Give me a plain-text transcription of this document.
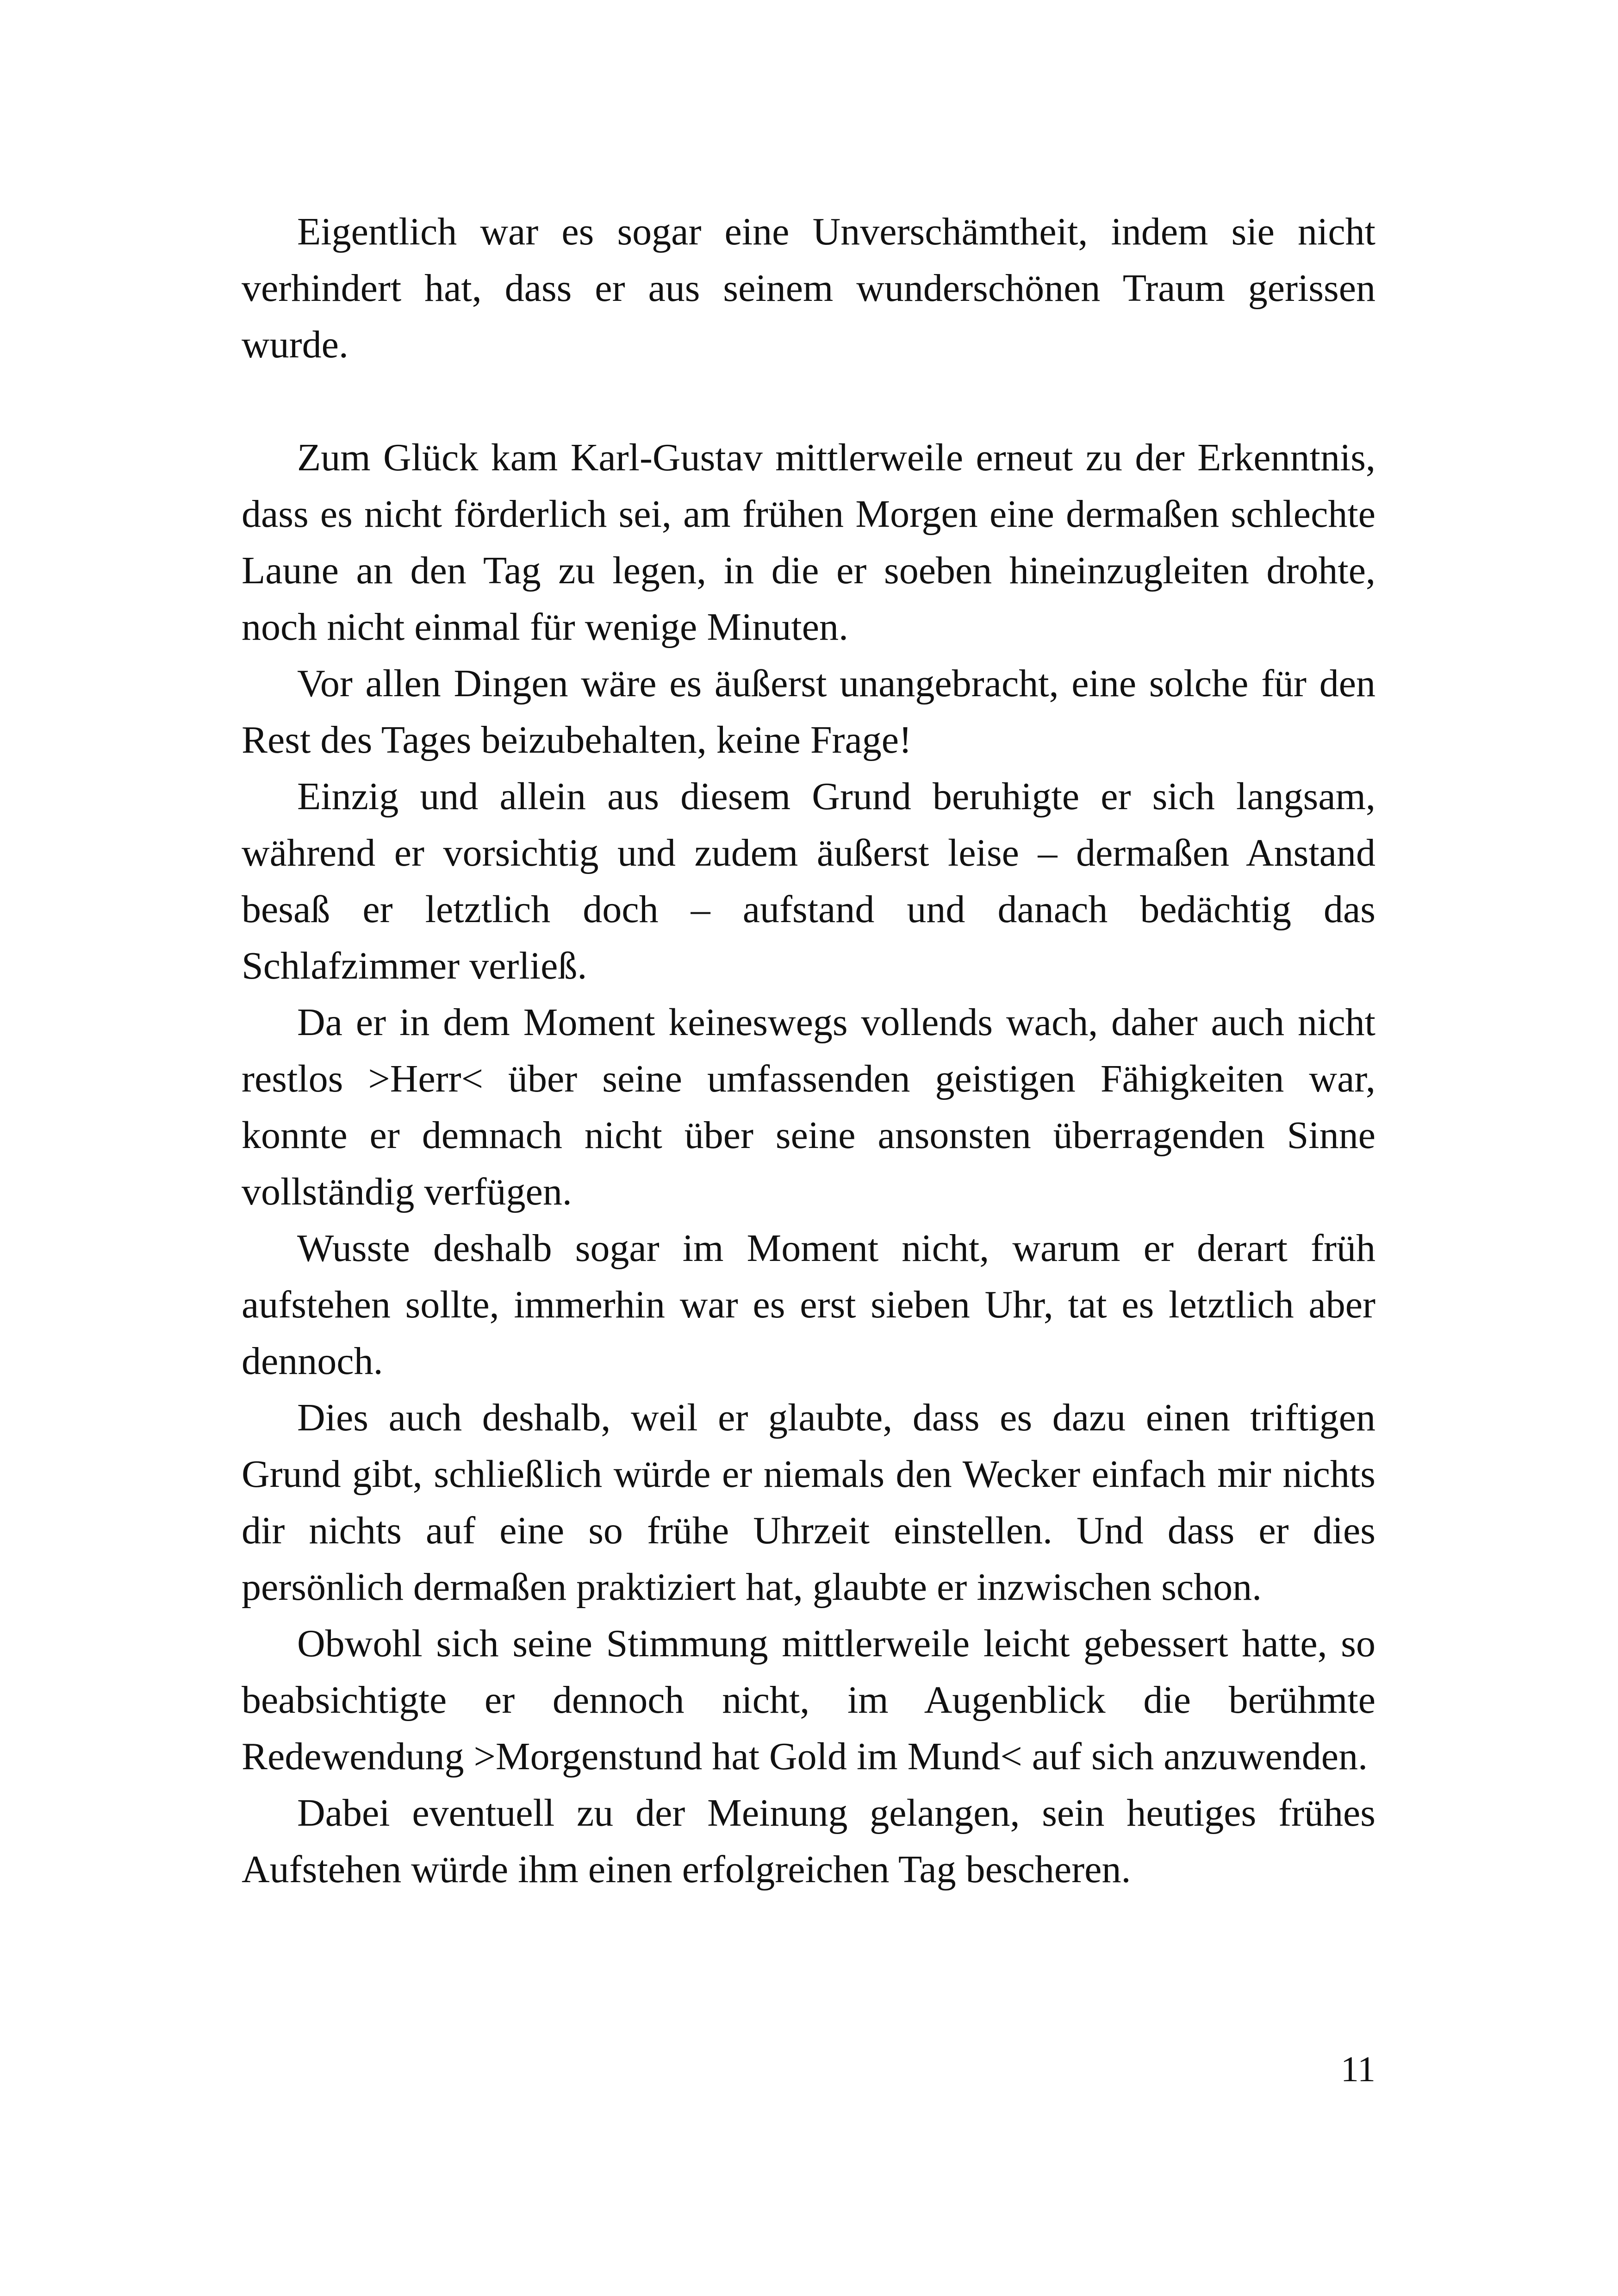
Eigentlich war es sogar eine Unverschämtheit, indem sie nicht verhindert hat, dass er aus seinem wunderschönen Traum gerissen wurde.

Zum Glück kam Karl-Gustav mittlerweile erneut zu der Erkenntnis, dass es nicht förderlich sei, am frühen Morgen eine dermaßen schlechte Laune an den Tag zu legen, in die er soeben hineinzugleiten drohte, noch nicht einmal für wenige Minuten.

Vor allen Dingen wäre es äußerst unangebracht, eine solche für den Rest des Tages beizubehalten, keine Frage!

Einzig und allein aus diesem Grund beruhigte er sich langsam, während er vorsichtig und zudem äußerst leise – dermaßen Anstand besaß er letztlich doch – aufstand und danach bedächtig das Schlafzimmer verließ.

Da er in dem Moment keineswegs vollends wach, daher auch nicht restlos >Herr< über seine umfassenden geistigen Fähigkeiten war, konnte er demnach nicht über seine ansonsten überragenden Sinne vollständig verfügen.

Wusste deshalb sogar im Moment nicht, warum er derart früh aufstehen sollte, immerhin war es erst sieben Uhr, tat es letztlich aber dennoch.

Dies auch deshalb, weil er glaubte, dass es dazu einen triftigen Grund gibt, schließlich würde er niemals den Wecker einfach mir nichts dir nichts auf eine so frühe Uhrzeit einstellen. Und dass er dies persönlich dermaßen praktiziert hat, glaubte er inzwischen schon.

Obwohl sich seine Stimmung mittlerweile leicht gebessert hatte, so beabsichtigte er dennoch nicht, im Augenblick die berühmte Redewendung >Morgenstund hat Gold im Mund< auf sich anzuwenden.

Dabei eventuell zu der Meinung gelangen, sein heutiges frühes Aufstehen würde ihm einen erfolgreichen Tag bescheren.

11
